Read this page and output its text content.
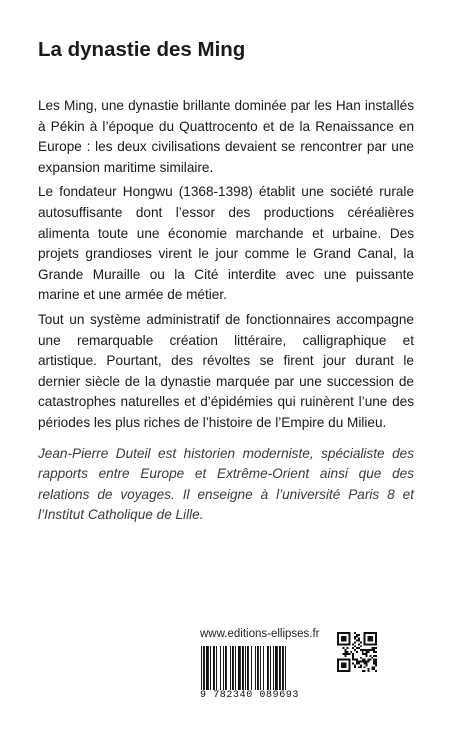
La dynastie des Ming

Les Ming, une dynastie brillante dominée par les Han installés à Pékin à l’époque du Quattrocento et de la Renaissance en Europe : les deux civilisations devaient se rencontrer par une expansion maritime similaire.

Le fondateur Hongwu (1368-1398) établit une société rurale autosuffisante dont l’essor des productions céréalières alimenta toute une économie marchande et urbaine. Des projets grandioses virent le jour comme le Grand Canal, la Grande Muraille ou la Cité interdite avec une puissante marine et une armée de métier.

Tout un système administratif de fonctionnaires accompagne une remarquable création littéraire, calligraphique et artistique. Pourtant, des révoltes se firent jour durant le dernier siècle de la dynastie marquée par une succession de catastrophes naturelles et d’épidémies qui ruinèrent l’une des périodes les plus riches de l’histoire de l’Empire du Milieu.

Jean-Pierre Duteil est historien moderniste, spécialiste des rapports entre Europe et Extrême-Orient ainsi que des relations de voyages. Il enseigne à l’université Paris 8 et l’Institut Catholique de Lille.

www.editions-ellipses.fr
9 782340 089693
